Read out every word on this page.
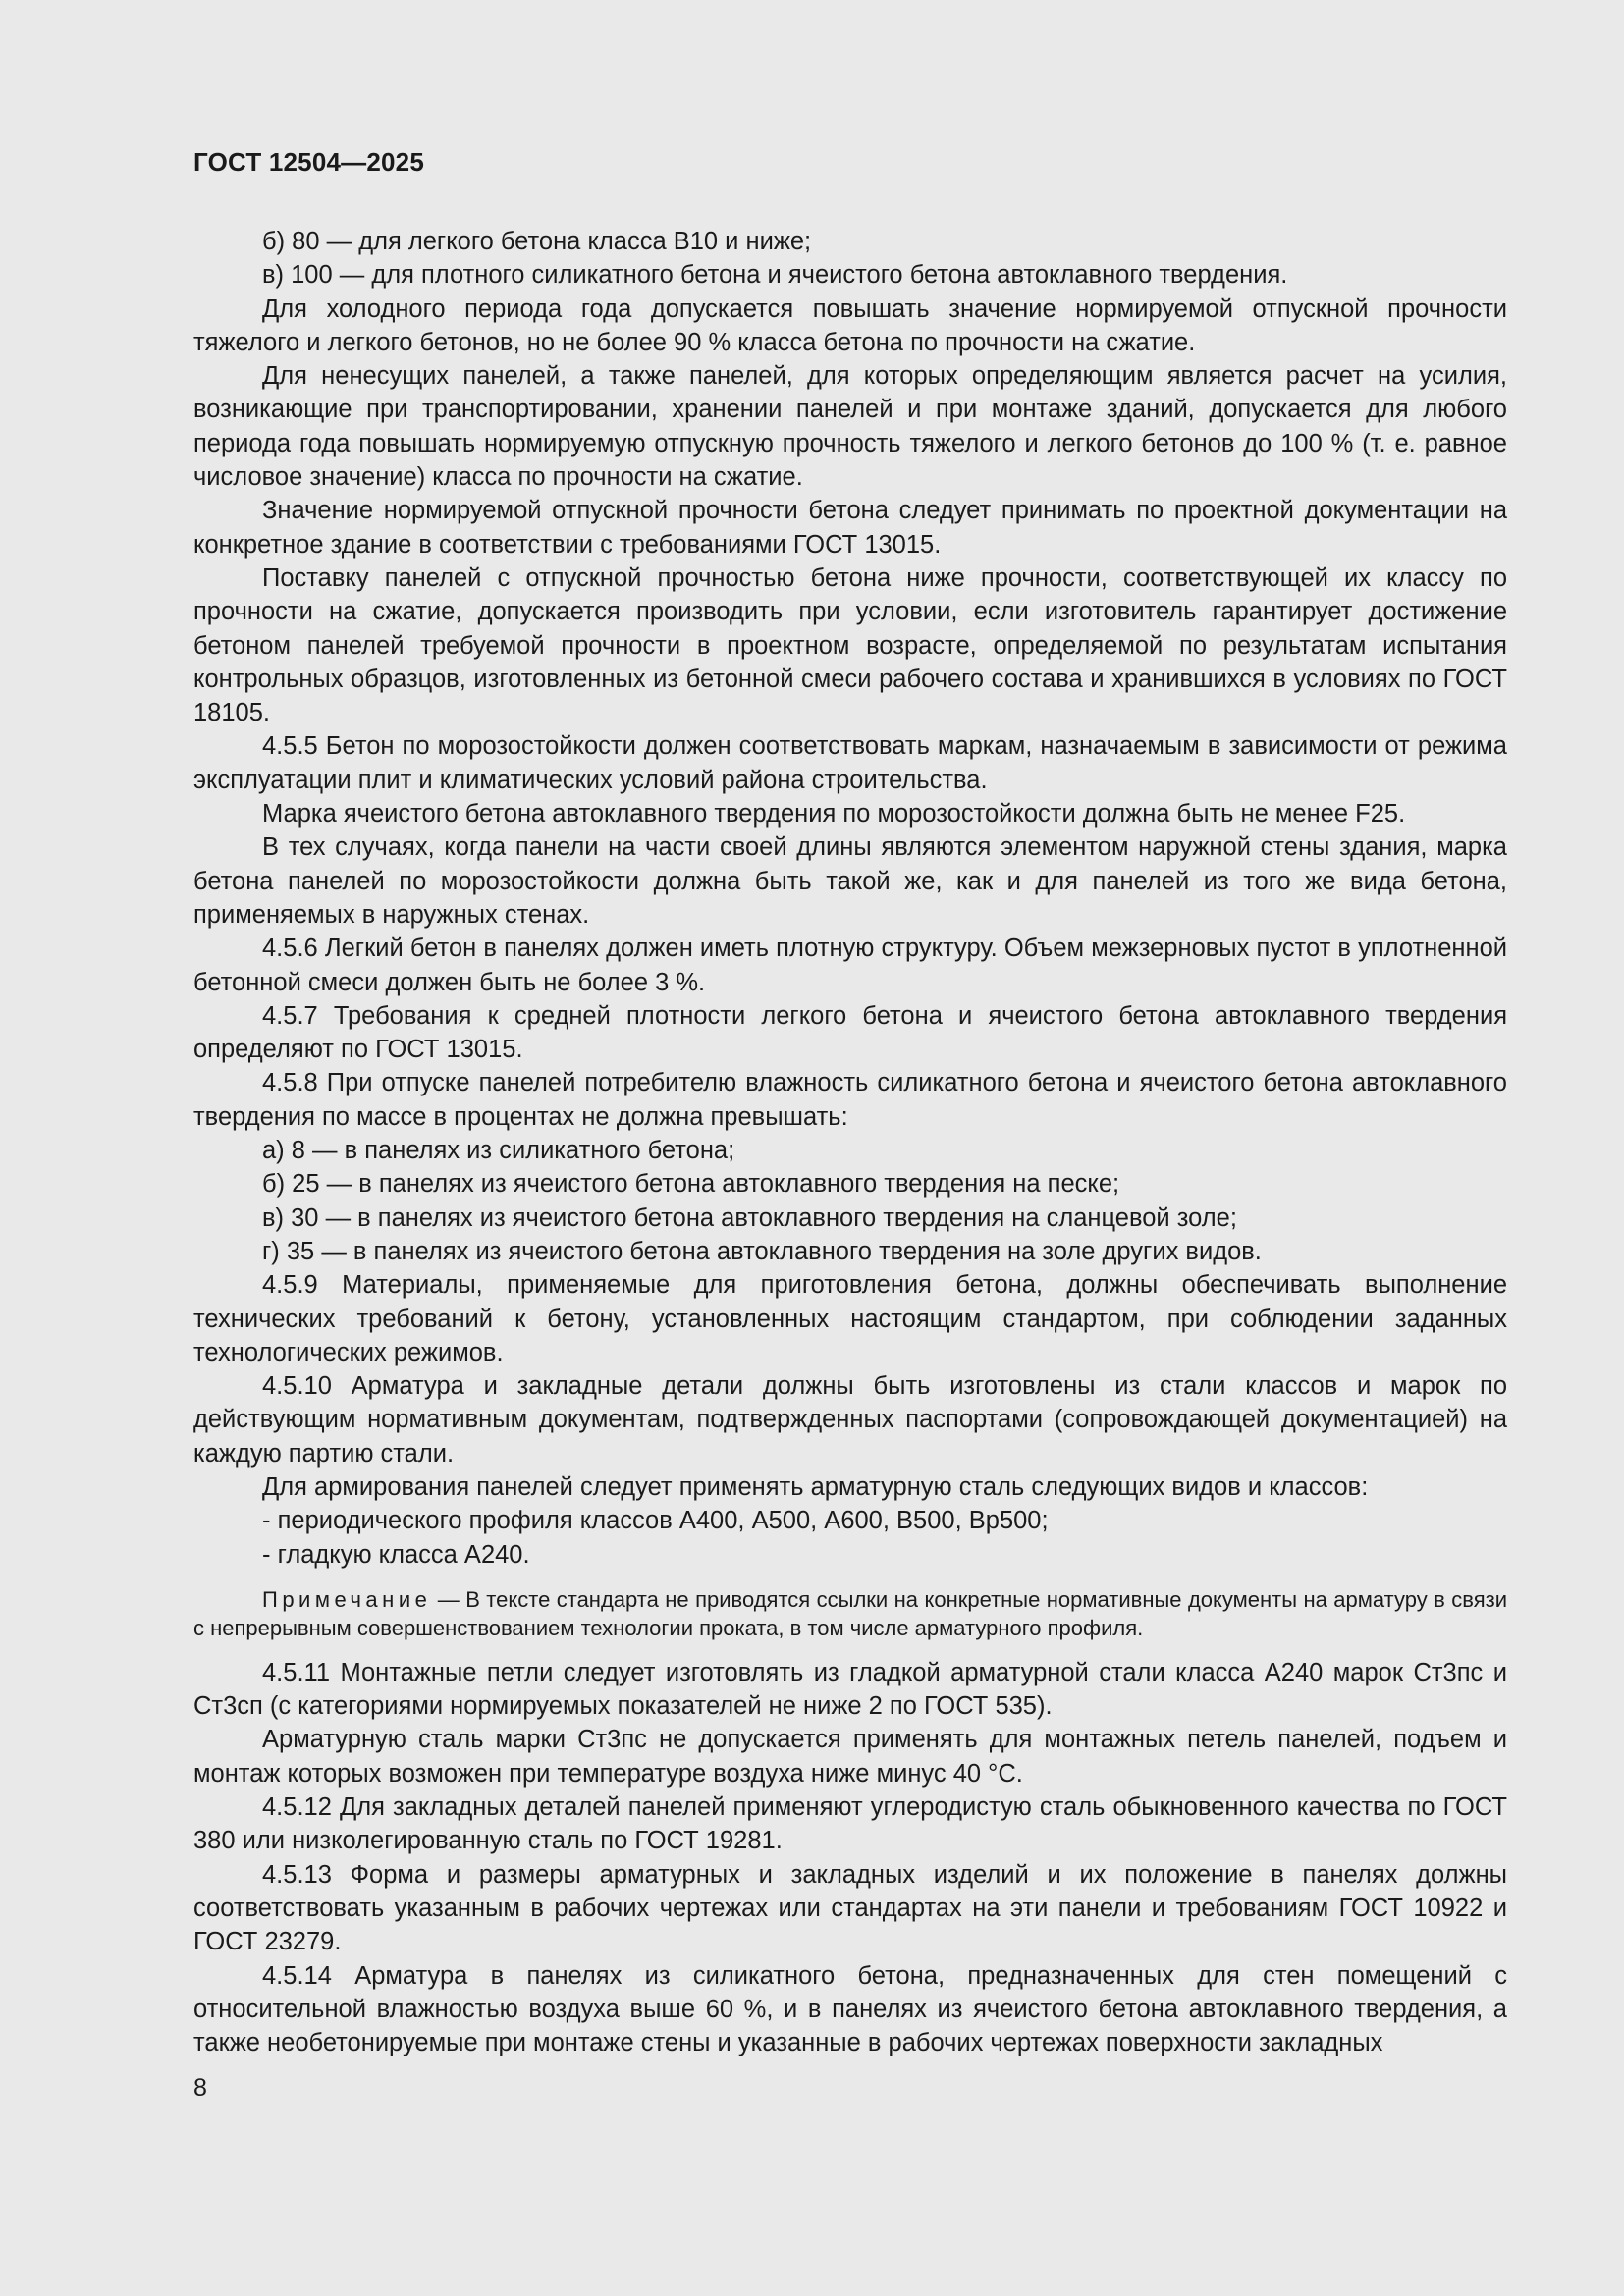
ГОСТ 12504—2025

б) 80 — для легкого бетона класса В10 и ниже;

в) 100 — для плотного силикатного бетона и ячеистого бетона автоклавного твердения.

Для холодного периода года допускается повышать значение нормируемой отпускной прочности тяжелого и легкого бетонов, но не более 90 % класса бетона по прочности на сжатие.

Для ненесущих панелей, а также панелей, для которых определяющим является расчет на усилия, возникающие при транспортировании, хранении панелей и при монтаже зданий, допускается для любого периода года повышать нормируемую отпускную прочность тяжелого и легкого бетонов до 100 % (т. е. равное числовое значение) класса по прочности на сжатие.

Значение нормируемой отпускной прочности бетона следует принимать по проектной документации на конкретное здание в соответствии с требованиями ГОСТ 13015.

Поставку панелей с отпускной прочностью бетона ниже прочности, соответствующей их классу по прочности на сжатие, допускается производить при условии, если изготовитель гарантирует достижение бетоном панелей требуемой прочности в проектном возрасте, определяемой по результатам испытания контрольных образцов, изготовленных из бетонной смеси рабочего состава и хранившихся в условиях по ГОСТ 18105.

4.5.5 Бетон по морозостойкости должен соответствовать маркам, назначаемым в зависимости от режима эксплуатации плит и климатических условий района строительства.

Марка ячеистого бетона автоклавного твердения по морозостойкости должна быть не менее F25.

В тех случаях, когда панели на части своей длины являются элементом наружной стены здания, марка бетона панелей по морозостойкости должна быть такой же, как и для панелей из того же вида бетона, применяемых в наружных стенах.

4.5.6 Легкий бетон в панелях должен иметь плотную структуру. Объем межзерновых пустот в уплотненной бетонной смеси должен быть не более 3 %.

4.5.7 Требования к средней плотности легкого бетона и ячеистого бетона автоклавного твердения определяют по ГОСТ 13015.

4.5.8 При отпуске панелей потребителю влажность силикатного бетона и ячеистого бетона автоклавного твердения по массе в процентах не должна превышать:

а) 8 — в панелях из силикатного бетона;

б) 25 — в панелях из ячеистого бетона автоклавного твердения на песке;

в) 30 — в панелях из ячеистого бетона автоклавного твердения на сланцевой золе;

г) 35 — в панелях из ячеистого бетона автоклавного твердения на золе других видов.

4.5.9 Материалы, применяемые для приготовления бетона, должны обеспечивать выполнение технических требований к бетону, установленных настоящим стандартом, при соблюдении заданных технологических режимов.

4.5.10 Арматура и закладные детали должны быть изготовлены из стали классов и марок по действующим нормативным документам, подтвержденных паспортами (сопровождающей документацией) на каждую партию стали.

Для армирования панелей следует применять арматурную сталь следующих видов и классов:

- периодического профиля классов А400, А500, А600, В500, Вр500;

- гладкую класса А240.

Примечание — В тексте стандарта не приводятся ссылки на конкретные нормативные документы на арматуру в связи с непрерывным совершенствованием технологии проката, в том числе арматурного профиля.

4.5.11 Монтажные петли следует изготовлять из гладкой арматурной стали класса А240 марок Ст3пс и Ст3сп (с категориями нормируемых показателей не ниже 2 по ГОСТ 535).

Арматурную сталь марки Ст3пс не допускается применять для монтажных петель панелей, подъем и монтаж которых возможен при температуре воздуха ниже минус 40 °С.

4.5.12 Для закладных деталей панелей применяют углеродистую сталь обыкновенного качества по ГОСТ 380 или низколегированную сталь по ГОСТ 19281.

4.5.13 Форма и размеры арматурных и закладных изделий и их положение в панелях должны соответствовать указанным в рабочих чертежах или стандартах на эти панели и требованиям ГОСТ 10922 и ГОСТ 23279.

4.5.14 Арматура в панелях из силикатного бетона, предназначенных для стен помещений с относительной влажностью воздуха выше 60 %, и в панелях из ячеистого бетона автоклавного твердения, а также необетонируемые при монтаже стены и указанные в рабочих чертежах поверхности закладных

8
